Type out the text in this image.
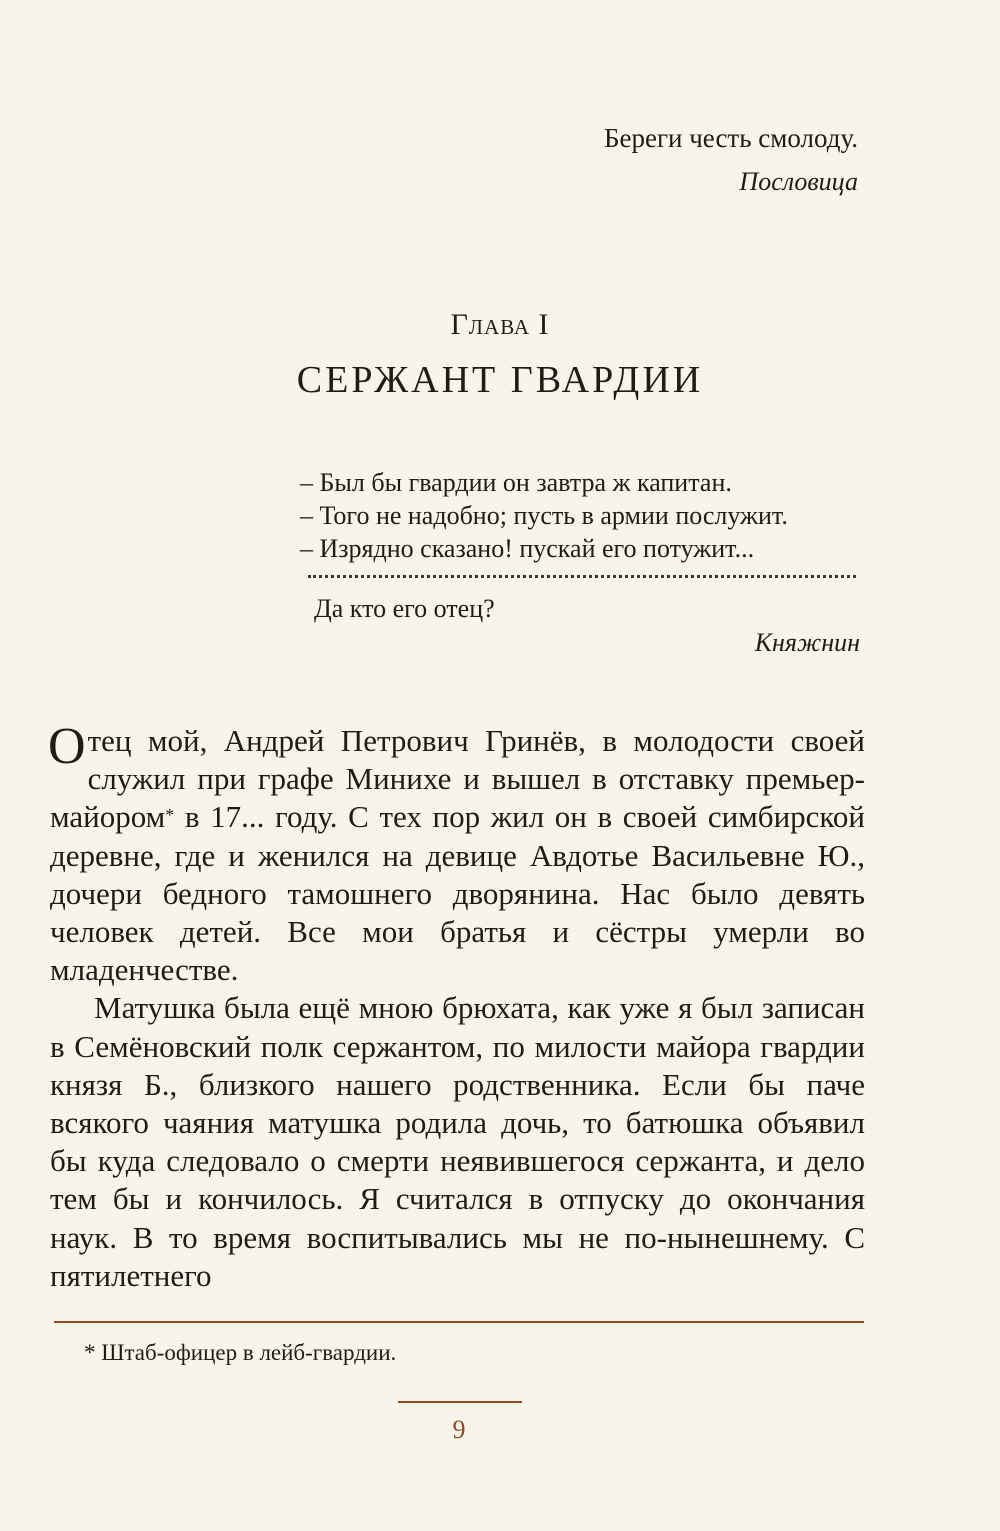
Береги честь смолоду.
Пословица
Глава I
СЕРЖАНТ ГВАРДИИ
– Был бы гвардии он завтра ж капитан.
– Того не надобно; пусть в армии послужит.
– Изрядно сказано! пускай его потужит...
Да кто его отец?
Княжнин

Отец мой, Андрей Петрович Гринёв, в молодости своей служил при графе Минихе и вышел в отставку премьер-майором* в 17... году. С тех пор жил он в своей симбирской деревне, где и женился на девице Авдотье Васильевне Ю., дочери бедного тамошнего дворянина. Нас было девять человек детей. Все мои братья и сёстры умерли во младенчестве.

Матушка была ещё мною брюхата, как уже я был записан в Семёновский полк сержантом, по милости майора гвардии князя Б., близкого нашего родственника. Если бы паче всякого чаяния матушка родила дочь, то батюшка объявил бы куда следовало о смерти неявившегося сержанта, и дело тем бы и кончилось. Я считался в отпуску до окончания наук. В то время воспитывались мы не по-нынешнему. С пятилетнего

* Штаб-офицер в лейб-гвардии.
9
